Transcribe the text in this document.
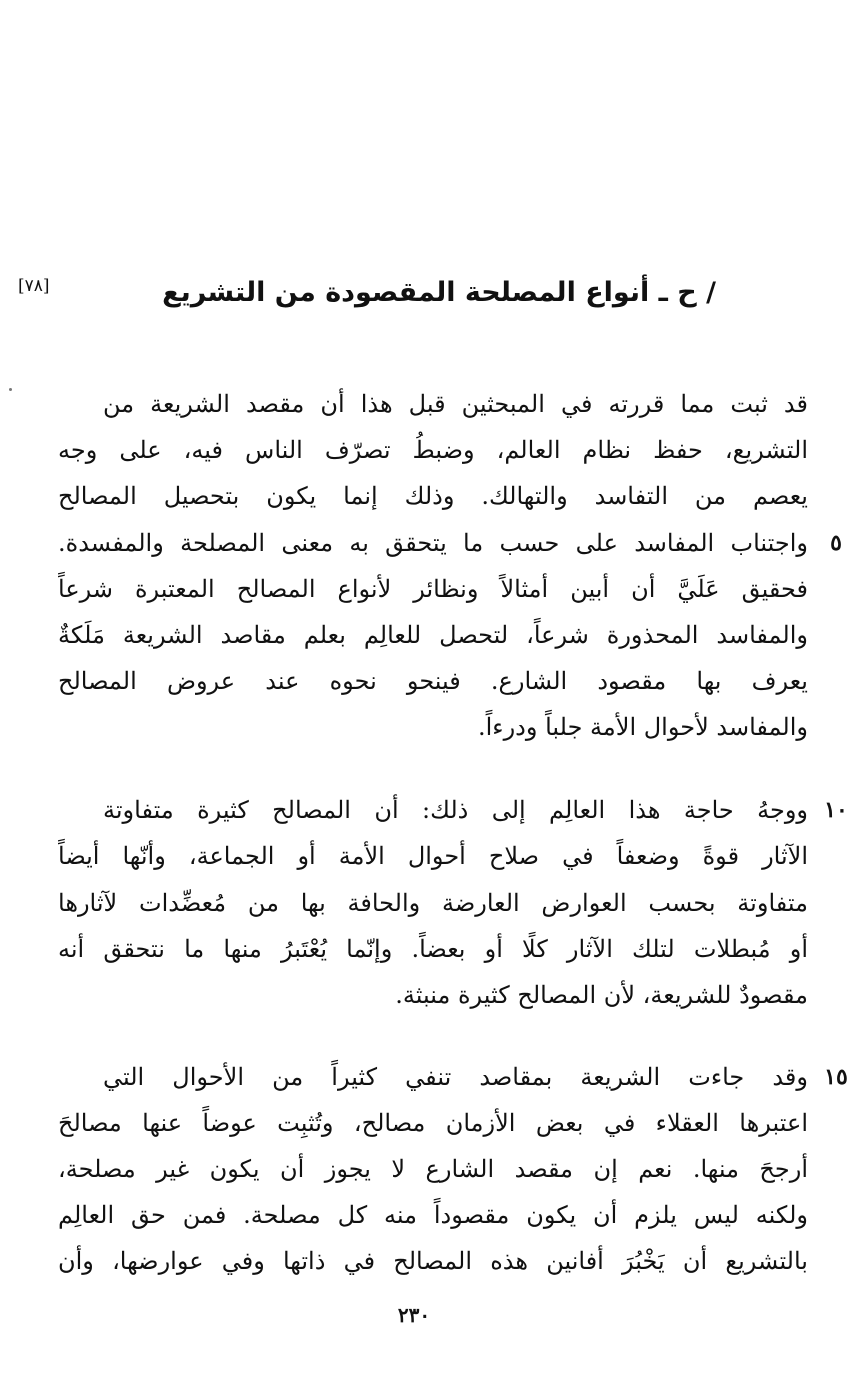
/ ح ـ أنواع المصلحة المقصودة من التشريع
[٧٨]
قد ثبت مما قررته في المبحثين قبل هذا أن مقصد الشريعة من
التشريع، حفظ نظام العالم، وضبطُ تصرّف الناس فيه، على وجه
يعصم من التفاسد والتهالك. وذلك إنما يكون بتحصيل المصالح
واجتناب المفاسد على حسب ما يتحقق به معنى المصلحة والمفسدة.	٥
فحقيق عَلَيَّ أن أبين أمثالاً ونظائر لأنواع المصالح المعتبرة شرعاً
والمفاسد المحذورة شرعاً، لتحصل للعالِم بعلم مقاصد الشريعة مَلَكةٌ
يعرف بها مقصود الشارع. فينحو نحوه عند عروض المصالح
والمفاسد لأحوال الأمة جلباً ودرءاً.
ووجهُ حاجة هذا العالِم إلى ذلك: أن المصالح كثيرة متفاوتة ١٠
الآثار قوةً وضعفاً في صلاح أحوال الأمة أو الجماعة، وأنّها أيضاً
متفاوتة بحسب العوارض العارضة والحافة بها من مُعضِّدات لآثارها
أو مُبطلات لتلك الآثار كلًا أو بعضاً. وإنّما يُعْتَبرُ منها ما نتحقق أنه
مقصودٌ للشريعة، لأن المصالح كثيرة منبثة.
وقد جاءت الشريعة بمقاصد تنفي كثيراً من الأحوال التي ١٥
اعتبرها العقلاء في بعض الأزمان مصالح، وتُثبِت عوضاً عنها مصالحَ
أرجحَ منها. نعم إن مقصد الشارع لا يجوز أن يكون غير مصلحة،
ولكنه ليس يلزم أن يكون مقصوداً منه كل مصلحة. فمن حق العالِم
بالتشريع أن يَخْبُرَ أفانين هذه المصالح في ذاتها وفي عوارضها، وأن
٢٣٠
